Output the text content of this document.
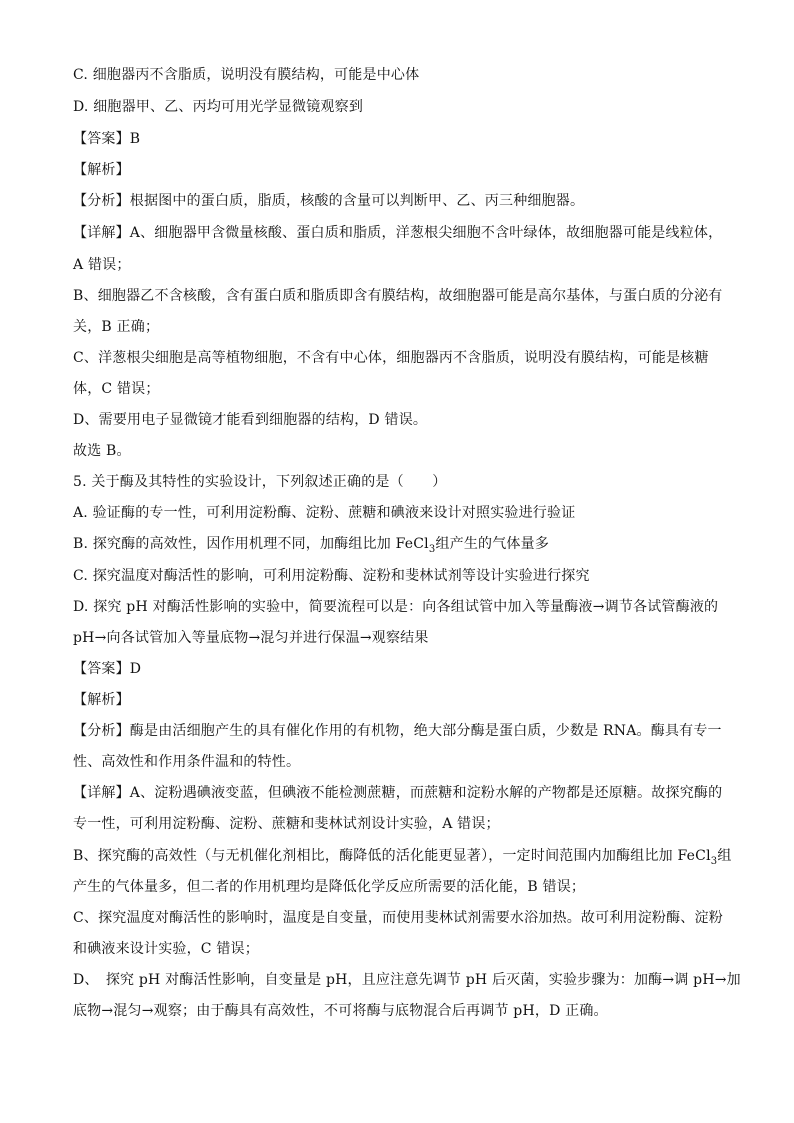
C. 细胞器丙不含脂质，说明没有膜结构，可能是中心体
D. 细胞器甲、乙、丙均可用光学显微镜观察到
【答案】B
【解析】
【分析】根据图中的蛋白质，脂质，核酸的含量可以判断甲、乙、丙三种细胞器。
【详解】A、细胞器甲含微量核酸、蛋白质和脂质，洋葱根尖细胞不含叶绿体，故细胞器可能是线粒体，
A 错误；
B、细胞器乙不含核酸，含有蛋白质和脂质即含有膜结构，故细胞器可能是高尔基体，与蛋白质的分泌有
关，B 正确；
C、洋葱根尖细胞是高等植物细胞，不含有中心体，细胞器丙不含脂质，说明没有膜结构，可能是核糖
体，C 错误；
D、需要用电子显微镜才能看到细胞器的结构，D 错误。
故选 B。
5. 关于酶及其特性的实验设计，下列叙述正确的是（　　）
A. 验证酶的专一性，可利用淀粉酶、淀粉、蔗糖和碘液来设计对照实验进行验证
B. 探究酶的高效性，因作用机理不同，加酶组比加 FeCl$_3$组产生的气体量多
C. 探究温度对酶活性的影响，可利用淀粉酶、淀粉和斐林试剂等设计实验进行探究
D. 探究 pH 对酶活性影响的实验中，简要流程可以是：向各组试管中加入等量酶液→调节各试管酶液的
pH→向各试管加入等量底物→混匀并进行保温→观察结果
【答案】D
【解析】
【分析】酶是由活细胞产生的具有催化作用的有机物，绝大部分酶是蛋白质，少数是 RNA。酶具有专一
性、高效性和作用条件温和的特性。
【详解】A、淀粉遇碘液变蓝，但碘液不能检测蔗糖，而蔗糖和淀粉水解的产物都是还原糖。故探究酶的
专一性，可利用淀粉酶、淀粉、蔗糖和斐林试剂设计实验，A 错误；
B、探究酶的高效性（与无机催化剂相比，酶降低的活化能更显著），一定时间范围内加酶组比加 FeCl$_3$组
产生的气体量多，但二者的作用机理均是降低化学反应所需要的活化能，B 错误；
C、探究温度对酶活性的影响时，温度是自变量，而使用斐林试剂需要水浴加热。故可利用淀粉酶、淀粉
和碘液来设计实验，C 错误；
D、　探究 pH 对酶活性影响，自变量是 pH，且应注意先调节 pH 后灭菌，实验步骤为：加酶→调 pH→加
底物→混匀→观察；由于酶具有高效性，不可将酶与底物混合后再调节 pH，D 正确。
